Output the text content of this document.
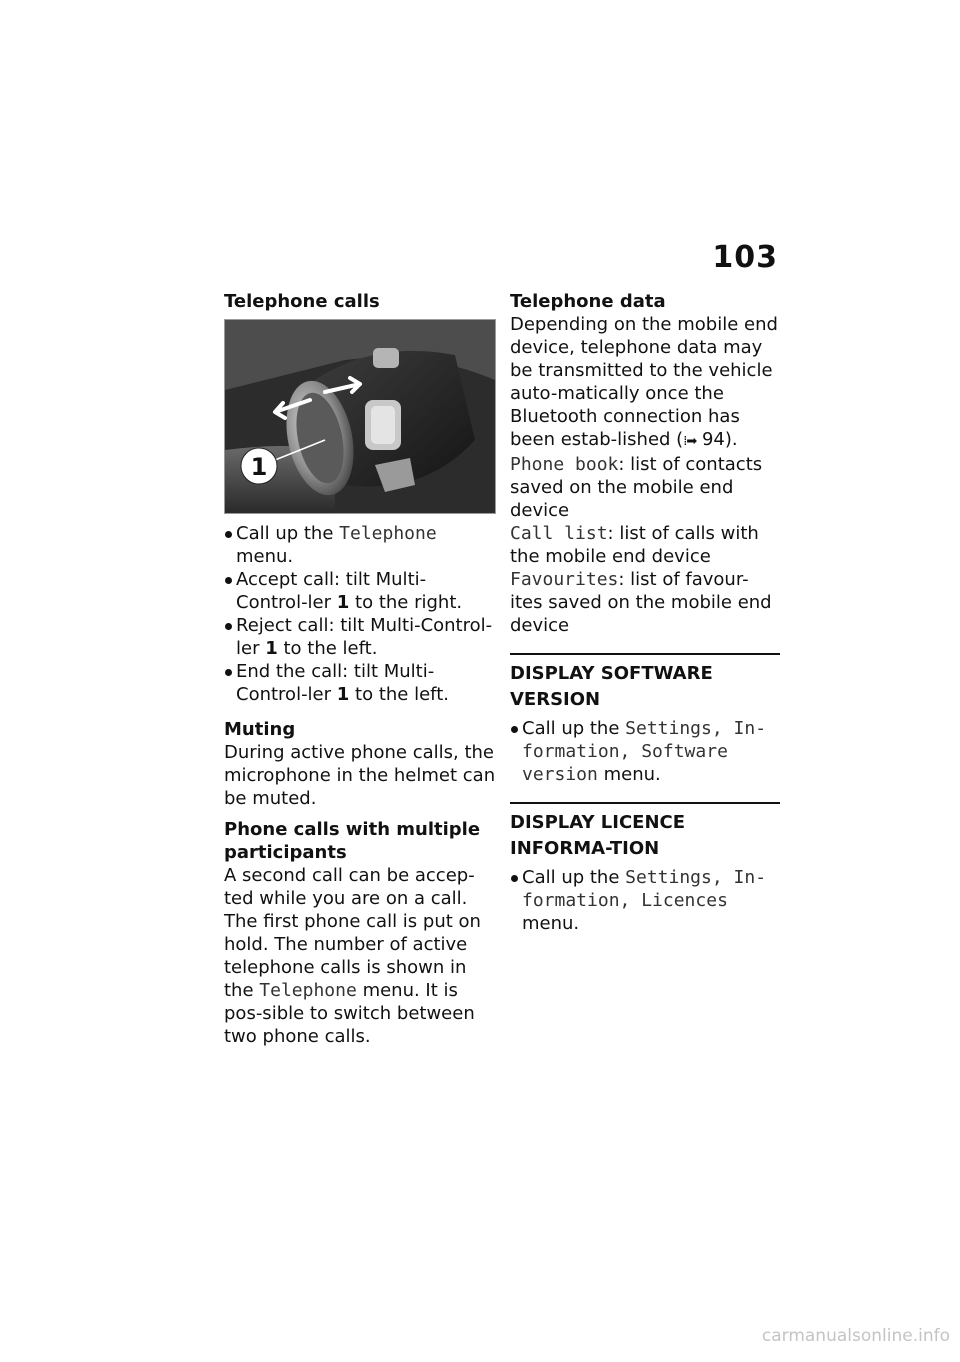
103

Telephone calls

1
Call up the Telephone menu.
Accept call: tilt Multi-Control-ler 1 to the right.
Reject call: tilt Multi-Control-ler 1 to the left.
End the call: tilt Multi-Control-ler 1 to the left.

Muting

During active phone calls, the microphone in the helmet can be muted.

Phone calls with multiple participants

A second call can be accep-ted while you are on a call. The first phone call is put on hold. The number of active telephone calls is shown in the Telephone menu. It is pos-sible to switch between two phone calls.

Telephone data

Depending on the mobile end device, telephone data may be transmitted to the vehicle auto-matically once the Bluetooth connection has been estab-lished (⁞➡ 94).

Phone book: list of contacts saved on the mobile end device

Call list: list of calls with the mobile end device

Favourites: list of favour-ites saved on the mobile end device

DISPLAY SOFTWARE VERSION

Call up the Settings, In-formation, Software version menu.

DISPLAY LICENCE INFORMA-TION

Call up the Settings, In-formation, Licences menu.
carmanualsonline.info
